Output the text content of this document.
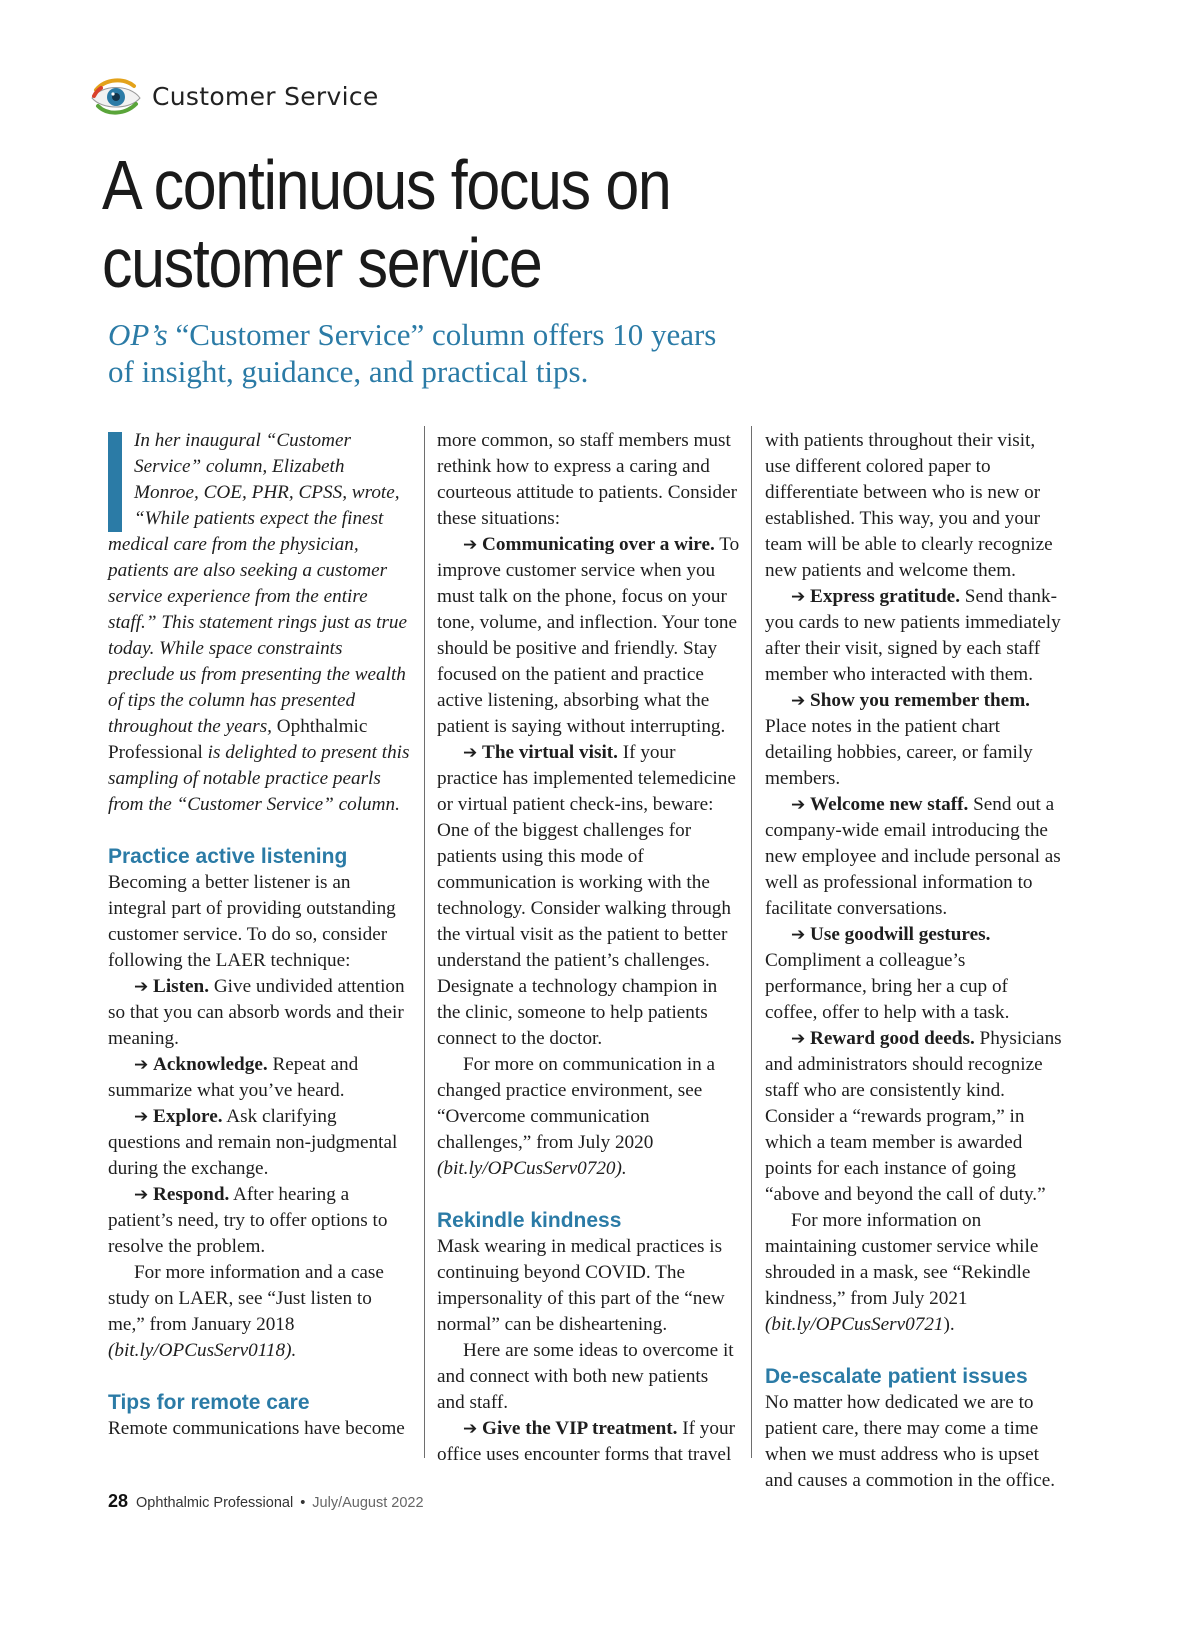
Customer Service
A continuous focus on customer service
OP’s “Customer Service” column offers 10 years of insight, guidance, and practical tips.

In her inaugural “Customer Service” column, Elizabeth Monroe, COE, PHR, CPSS, wrote, “While patients expect the finest medical care from the physician, patients are also seeking a customer service experience from the entire staff.” This statement rings just as true today. While space constraints preclude us from presenting the wealth of tips the column has presented throughout the years, Ophthalmic Professional is delighted to present this sampling of notable practice pearls from the “Customer Service” column.

Practice active listening

Becoming a better listener is an integral part of providing outstanding customer service. To do so, consider following the LAER technique:

➔ Listen. Give undivided attention so that you can absorb words and their meaning.

➔ Acknowledge. Repeat and summarize what you’ve heard.

➔ Explore. Ask clarifying questions and remain non-judgmental during the exchange.

➔ Respond. After hearing a patient’s need, try to offer options to resolve the problem.

For more information and a case study on LAER, see “Just listen to me,” from January 2018 (bit.ly/OPCusServ0118).

Tips for remote care

Remote communications have become

more common, so staff members must rethink how to express a caring and courteous attitude to patients. Consider these situations:

➔ Communicating over a wire. To improve customer service when you must talk on the phone, focus on your tone, volume, and inflection. Your tone should be positive and friendly. Stay focused on the patient and practice active listening, absorbing what the patient is saying without interrupting.

➔ The virtual visit. If your practice has implemented telemedicine or virtual patient check-ins, beware: One of the biggest challenges for patients using this mode of communication is working with the technology. Consider walking through the virtual visit as the patient to better understand the patient’s challenges. Designate a technology champion in the clinic, someone to help patients connect to the doctor.

For more on communication in a changed practice environment, see “Overcome communication challenges,” from July 2020 (bit.ly/OPCusServ0720).

Rekindle kindness

Mask wearing in medical practices is continuing beyond COVID. The impersonality of this part of the “new normal” can be disheartening.

Here are some ideas to overcome it and connect with both new patients and staff.

➔ Give the VIP treatment. If your office uses encounter forms that travel

with patients throughout their visit, use different colored paper to differentiate between who is new or established. This way, you and your team will be able to clearly recognize new patients and welcome them.

➔ Express gratitude. Send thank-you cards to new patients immediately after their visit, signed by each staff member who interacted with them.

➔ Show you remember them. Place notes in the patient chart detailing hobbies, career, or family members.

➔ Welcome new staff. Send out a company-wide email introducing the new employee and include personal as well as professional information to facilitate conversations.

➔ Use goodwill gestures. Compliment a colleague’s performance, bring her a cup of coffee, offer to help with a task.

➔ Reward good deeds. Physicians and administrators should recognize staff who are consistently kind. Consider a “rewards program,” in which a team member is awarded points for each instance of going “above and beyond the call of duty.”

For more information on maintaining customer service while shrouded in a mask, see “Rekindle kindness,” from July 2021 (bit.ly/OPCusServ0721).

De-escalate patient issues

No matter how dedicated we are to patient care, there may come a time when we must address who is upset and causes a commotion in the office.

28 Ophthalmic Professional • July/August 2022
